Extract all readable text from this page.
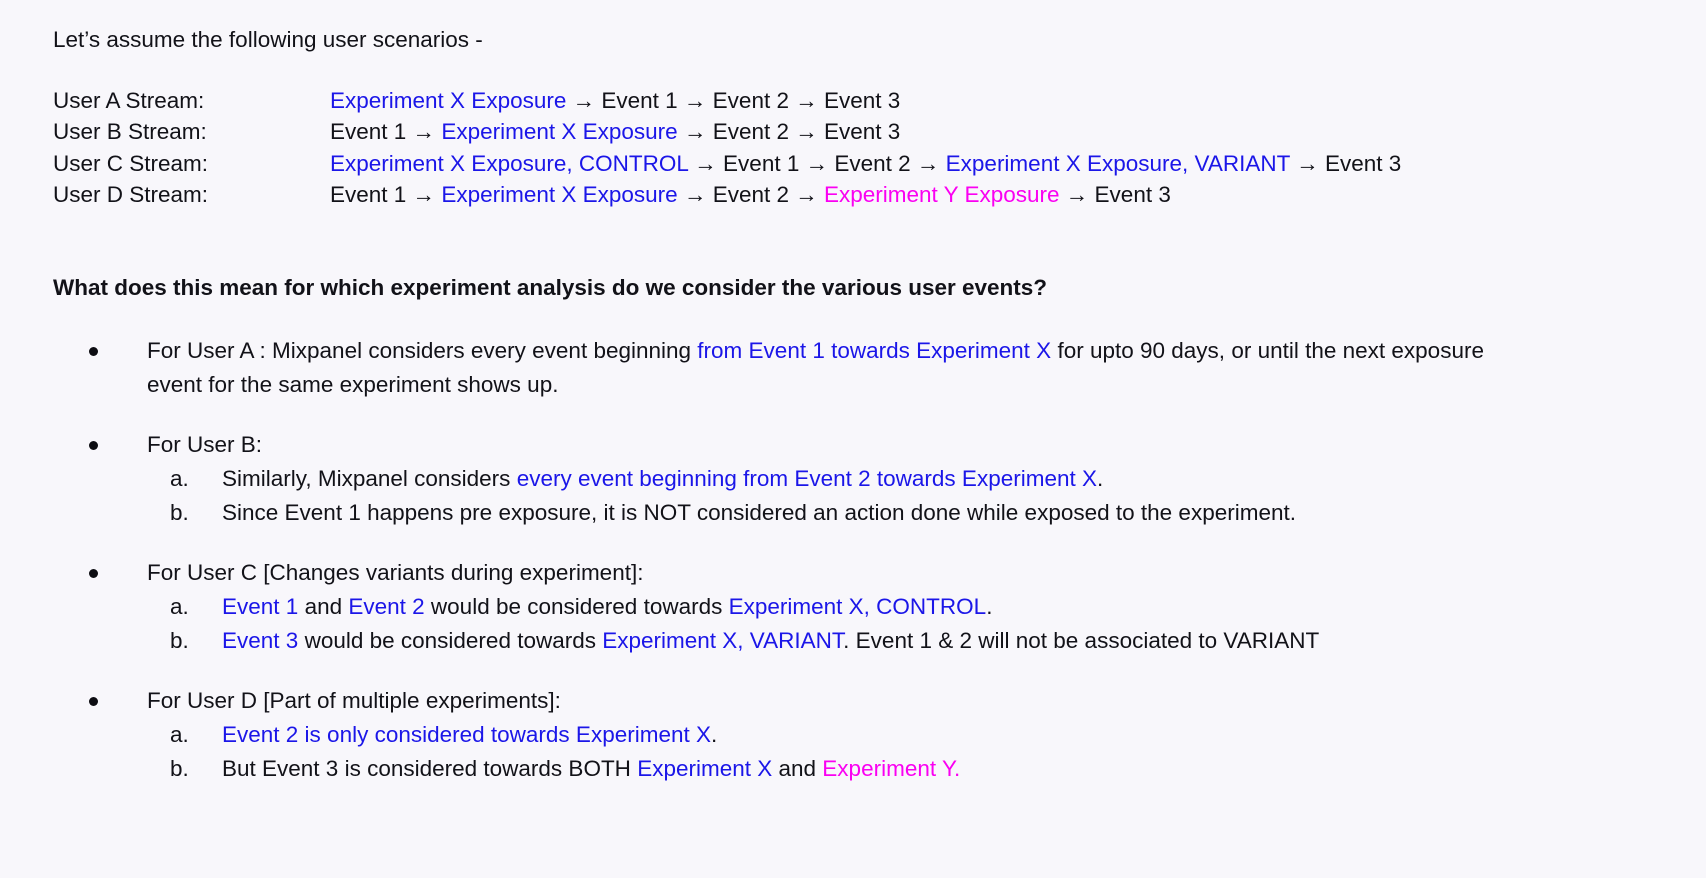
Let’s assume the following user scenarios -

User A Stream:	Experiment X Exposure → Event 1 → Event 2 → Event 3
User B Stream:	Event 1 → Experiment X Exposure → Event 2 → Event 3
User C Stream:	Experiment X Exposure, CONTROL → Event 1 → Event 2 → Experiment X Exposure, VARIANT → Event 3
User D Stream:	Event 1 → Experiment X Exposure → Event 2 → Experiment Y Exposure → Event 3

What does this mean for which experiment analysis do we consider the various user events?

For User A : Mixpanel considers every event beginning from Event 1 towards Experiment X for upto 90 days, or until the next exposure event for the same experiment shows up.
For User B:
a. Similarly, Mixpanel considers every event beginning from Event 2 towards Experiment X.
b. Since Event 1 happens pre exposure, it is NOT considered an action done while exposed to the experiment.
For User C [Changes variants during experiment]:
a. Event 1 and Event 2 would be considered towards Experiment X, CONTROL.
b. Event 3 would be considered towards Experiment X, VARIANT. Event 1 & 2 will not be associated to VARIANT
For User D [Part of multiple experiments]:
a. Event 2 is only considered towards Experiment X.
b. But Event 3 is considered towards BOTH Experiment X and Experiment Y.
